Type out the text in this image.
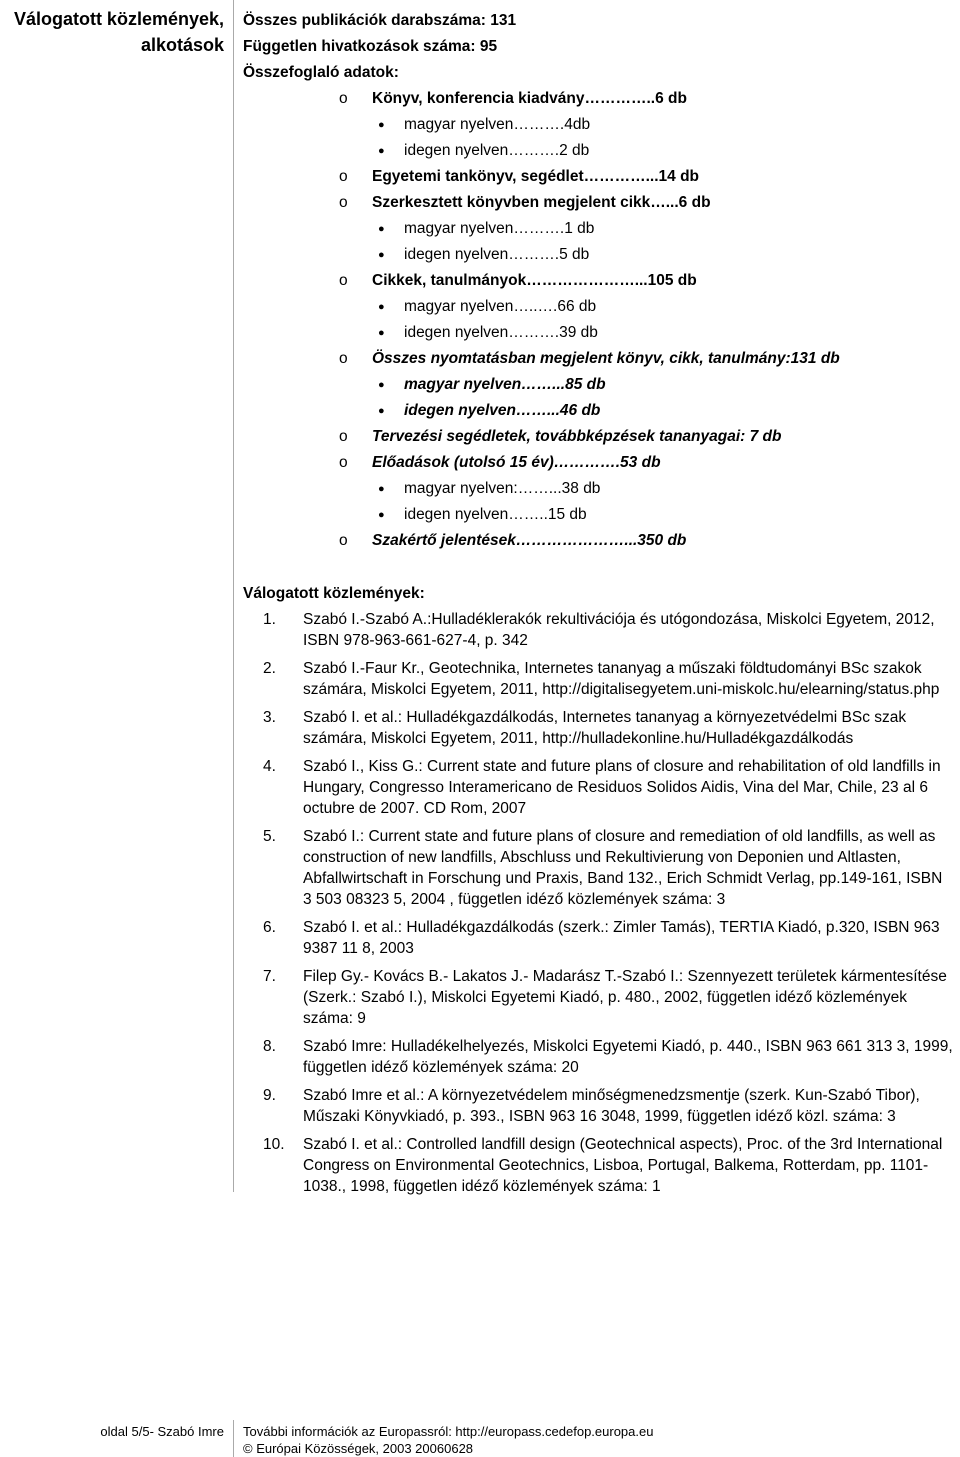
Válogatott közlemények,
alkotások
Összes publikációk darabszáma: 131
Független hivatkozások száma: 95
Összefoglaló adatok:
o Könyv, konferencia kiadvány…………..6 db
● magyar nyelven……….4db
● idegen nyelven……….2 db
o Egyetemi tankönyv, segédlet…………...14 db
o Szerkesztett könyvben megjelent cikk…...6 db
● magyar nyelven……….1 db
● idegen nyelven……….5 db
o Cikkek, tanulmányok…………………...105 db
● magyar nyelven…..….66 db
● idegen nyelven……….39 db
o Összes nyomtatásban megjelent könyv, cikk, tanulmány:131 db
● magyar nyelven……...85 db
● idegen nyelven……...46 db
o Tervezési segédletek, továbbképzések tananyagai: 7 db
o Előadások (utolsó 15 év)………….53 db
● magyar nyelven:……...38 db
● idegen nyelven……..15 db
o Szakértő jelentések…………………...350 db
Válogatott közlemények:
1. Szabó I.-Szabó A.:Hulladéklerakók rekultivációja és utógondozása, Miskolci Egyetem, 2012, ISBN 978-963-661-627-4, p. 342
2. Szabó I.-Faur Kr., Geotechnika, Internetes tananyag a műszaki földtudományi BSc szakok számára, Miskolci Egyetem, 2011, http://digitalisegyetem.uni-miskolc.hu/elearning/status.php
3. Szabó I. et al.: Hulladékgazdálkodás, Internetes tananyag a környezetvédelmi BSc szak számára, Miskolci Egyetem, 2011, http://hulladekonline.hu/Hulladékgazdálkodás
4. Szabó I., Kiss G.: Current state and future plans of closure and rehabilitation of old landfills in Hungary, Congresso Interamericano de Residuos Solidos Aidis, Vina del Mar, Chile, 23 al 6 octubre de 2007. CD Rom, 2007
5. Szabó I.: Current state and future plans of closure and remediation of old landfills, as well as construction of new landfills, Abschluss und Rekultivierung von Deponien und Altlasten, Abfallwirtschaft in Forschung und Praxis, Band 132., Erich Schmidt Verlag, pp.149-161, ISBN 3 503 08323 5, 2004 , független idéző közlemények száma: 3
6. Szabó I. et al.: Hulladékgazdálkodás (szerk.: Zimler Tamás), TERTIA Kiadó, p.320, ISBN 963 9387 11 8, 2003
7. Filep Gy.- Kovács B.- Lakatos J.- Madarász T.-Szabó I.: Szennyezett területek kármentesítése (Szerk.: Szabó I.), Miskolci Egyetemi Kiadó, p. 480., 2002, független idéző közlemények száma: 9
8. Szabó Imre: Hulladékelhelyezés, Miskolci Egyetemi Kiadó, p. 440., ISBN 963 661 313 3, 1999, független idéző közlemények száma: 20
9. Szabó Imre et al.: A környezetvédelem minőségmenedzsmentje (szerk. Kun-Szabó Tibor), Műszaki Könyvkiadó, p. 393., ISBN 963 16 3048, 1999, független idéző közl. száma: 3
10. Szabó I. et al.: Controlled landfill design (Geotechnical aspects), Proc. of the 3rd International Congress on Environmental Geotechnics, Lisboa, Portugal, Balkema, Rotterdam, pp. 1101-1038., 1998, független idéző közlemények száma: 1
oldal 5/5- Szabó Imre További információk az Europassról: http://europass.cedefop.europa.eu
© Európai Közösségek, 2003 20060628
